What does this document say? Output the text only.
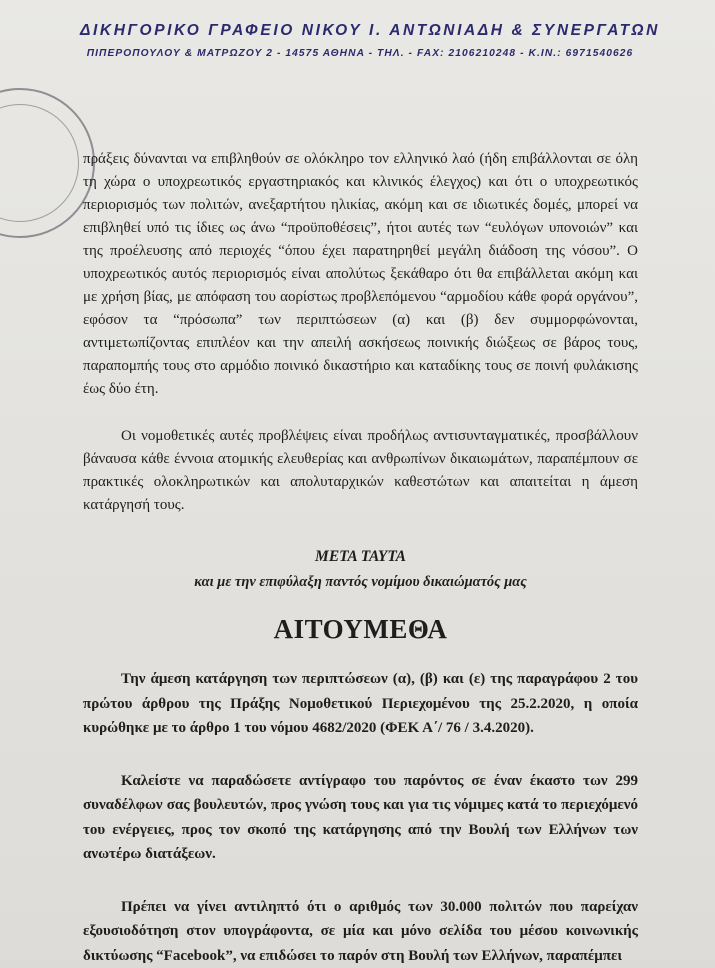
ΔΙΚΗΓΟΡΙΚΟ ΓΡΑΦΕΙΟ ΝΙΚΟΥ Ι. ΑΝΤΩΝΙΑΔΗ & ΣΥΝΕΡΓΑΤΩΝ
ΠΙΠΕΡΟΠΟΥΛΟΥ & ΜΑΤΡΩΖΟΥ 2 - 14575 ΑΘΗΝΑ - ΤΗΛ. - FAX: 2106210248 - Κ.ΙΝ.: 6971540626

πράξεις δύνανται να επιβληθούν σε ολόκληρο τον ελληνικό λαό (ήδη επιβάλλονται σε όλη τη χώρα ο υποχρεωτικός εργαστηριακός και κλινικός έλεγχος) και ότι ο υποχρεωτικός περιορισμός των πολιτών, ανεξαρτήτου ηλικίας, ακόμη και σε ιδιωτικές δομές, μπορεί να επιβληθεί υπό τις ίδιες ως άνω “προϋποθέσεις”, ήτοι αυτές των “ευλόγων υπονοιών” και της προέλευσης από περιοχές “όπου έχει παρατηρηθεί μεγάλη διάδοση της νόσου”. Ο υποχρεωτικός αυτός περιορισμός είναι απολύτως ξεκάθαρο ότι θα επιβάλλεται ακόμη και με χρήση βίας, με απόφαση του αορίστως προβλεπόμενου “αρμοδίου κάθε φορά οργάνου”, εφόσον τα “πρόσωπα” των περιπτώσεων (α) και (β) δεν συμμορφώνονται, αντιμετωπίζοντας επιπλέον και την απειλή ασκήσεως ποινικής διώξεως σε βάρος τους, παραπομπής τους στο αρμόδιο ποινικό δικαστήριο και καταδίκης τους σε ποινή φυλάκισης έως δύο έτη.

Οι νομοθετικές αυτές προβλέψεις είναι προδήλως αντισυνταγματικές, προσβάλλουν βάναυσα κάθε έννοια ατομικής ελευθερίας και ανθρωπίνων δικαιωμάτων, παραπέμπουν σε πρακτικές ολοκληρωτικών και απολυταρχικών καθεστώτων και απαιτείται η άμεση κατάργησή τους.

ΜΕΤΑ ΤΑΥΤΑ
και με την επιφύλαξη παντός νομίμου δικαιώματός μας
ΑΙΤΟΥΜΕΘΑ

Την άμεση κατάργηση των περιπτώσεων (α), (β) και (ε) της παραγράφου 2 του πρώτου άρθρου της Πράξης Νομοθετικού Περιεχομένου της 25.2.2020, η οποία κυρώθηκε με το άρθρο 1 του νόμου 4682/2020 (ΦΕΚ Α΄/ 76 / 3.4.2020).

Καλείστε να παραδώσετε αντίγραφο του παρόντος σε έναν έκαστο των 299 συναδέλφων σας βουλευτών, προς γνώση τους και για τις νόμιμες κατά το περιεχόμενό του ενέργειες, προς τον σκοπό της κατάργησης από την Βουλή των Ελλήνων των ανωτέρω διατάξεων.

Πρέπει να γίνει αντιληπτό ότι ο αριθμός των 30.000 πολιτών που παρείχαν εξουσιοδότηση στον υπογράφοντα, σε μία και μόνο σελίδα του μέσου κοινωνικής δικτύωσης “Facebook”, να επιδώσει το παρόν στη Βουλή των Ελλήνων, παραπέμπει
